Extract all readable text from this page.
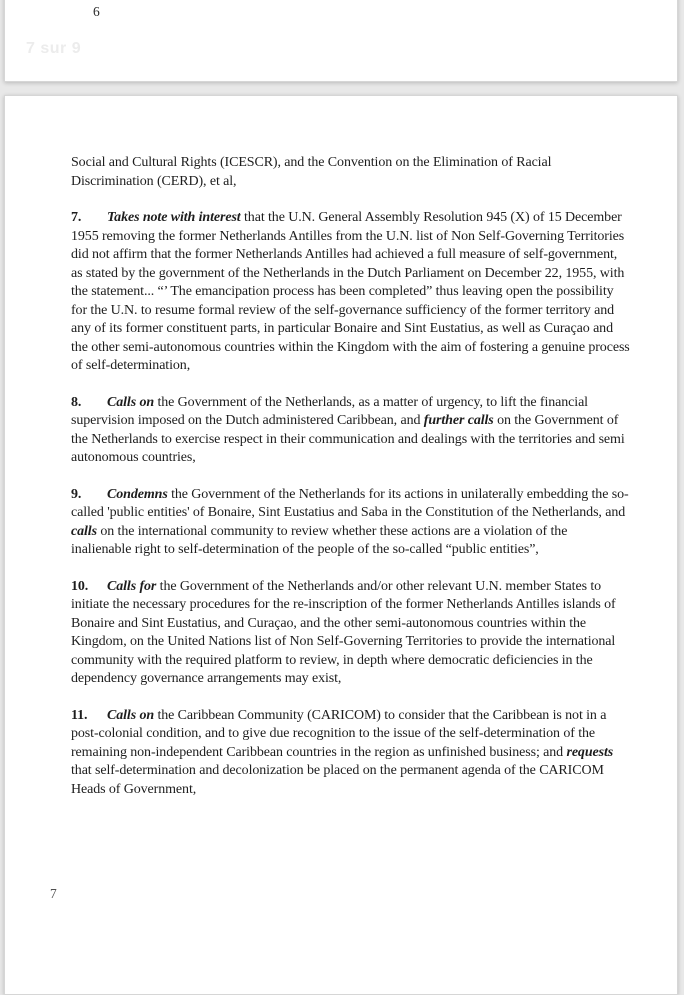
6
7 sur 9

Social and Cultural Rights (ICESCR), and the Convention on the Elimination of Racial Discrimination (CERD), et al,

7. Takes note with interest that the U.N. General Assembly Resolution 945 (X) of 15 December 1955 removing the former Netherlands Antilles from the U.N. list of Non Self-Governing Territories did not affirm that the former Netherlands Antilles had achieved a full measure of self-government, as stated by the government of the Netherlands in the Dutch Parliament on December 22, 1955, with the statement... “’ The emancipation process has been completed” thus leaving open the possibility for the U.N. to resume formal review of the self-governance sufficiency of the former territory and any of its former constituent parts, in particular Bonaire and Sint Eustatius, as well as Curaçao and the other semi-autonomous countries within the Kingdom with the aim of fostering a genuine process of self-determination,

8. Calls on the Government of the Netherlands, as a matter of urgency, to lift the financial supervision imposed on the Dutch administered Caribbean, and further calls on the Government of the Netherlands to exercise respect in their communication and dealings with the territories and semi autonomous countries,

9. Condemns the Government of the Netherlands for its actions in unilaterally embedding the so-called 'public entities' of Bonaire, Sint Eustatius and Saba in the Constitution of the Netherlands, and calls on the international community to review whether these actions are a violation of the inalienable right to self-determination of the people of the so-called “public entities”,

10. Calls for the Government of the Netherlands and/or other relevant U.N. member States to initiate the necessary procedures for the re-inscription of the former Netherlands Antilles islands of Bonaire and Sint Eustatius, and Curaçao, and the other semi-autonomous countries within the Kingdom, on the United Nations list of Non Self-Governing Territories to provide the international community with the required platform to review, in depth where democratic deficiencies in the dependency governance arrangements may exist,

11. Calls on the Caribbean Community (CARICOM) to consider that the Caribbean is not in a post-colonial condition, and to give due recognition to the issue of the self-determination of the remaining non-independent Caribbean countries in the region as unfinished business; and requests that self-determination and decolonization be placed on the permanent agenda of the CARICOM Heads of Government,

7
